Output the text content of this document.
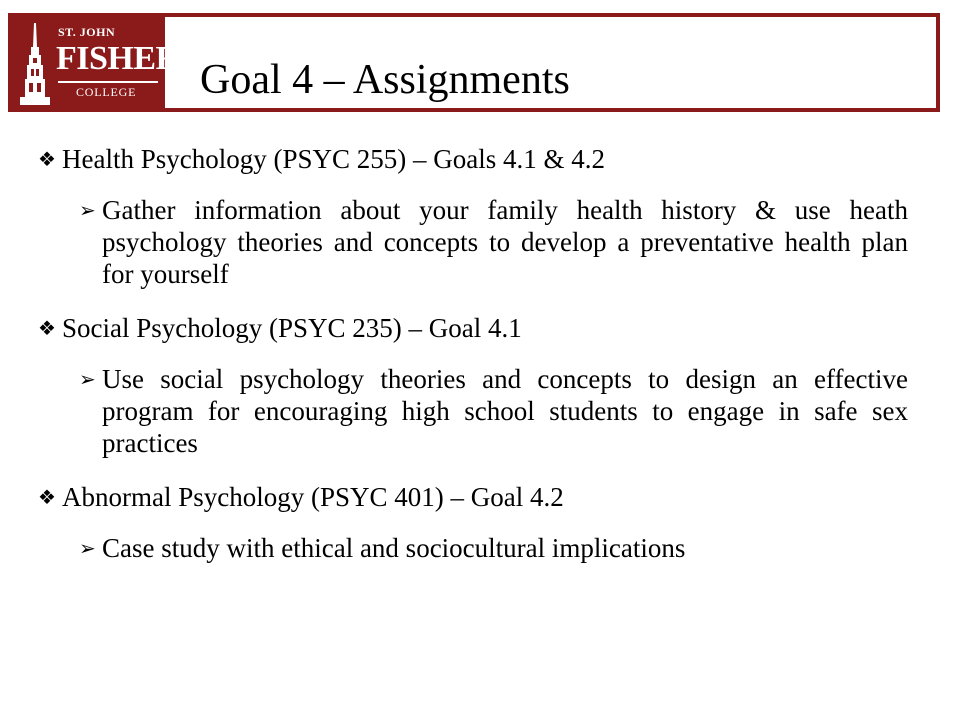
ST. JOHN
FISHER
COLLEGE Goal 4 – Assignments

❖ Health Psychology (PSYC 255) – Goals 4.1 & 4.2

➢ Gather information about your family health history & use heath psychology theories and concepts to develop a preventative health plan for yourself

❖ Social Psychology (PSYC 235) – Goal 4.1

➢ Use social psychology theories and concepts to design an effective program for encouraging high school students to engage in safe sex practices

❖ Abnormal Psychology (PSYC 401) – Goal 4.2

➢ Case study with ethical and sociocultural implications
